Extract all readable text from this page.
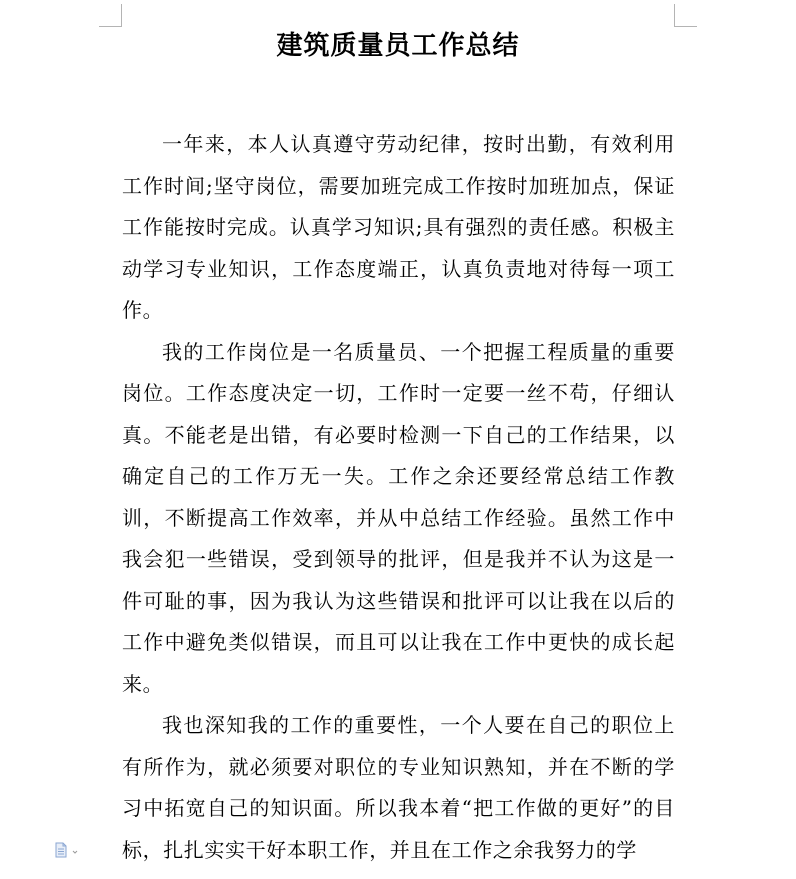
建筑质量员工作总结

一年来，本人认真遵守劳动纪律，按时出勤，有效利用工作时间;坚守岗位，需要加班完成工作按时加班加点，保证工作能按时完成。认真学习知识;具有强烈的责任感。积极主动学习专业知识，工作态度端正，认真负责地对待每一项工作。

我的工作岗位是一名质量员、一个把握工程质量的重要岗位。工作态度决定一切，工作时一定要一丝不苟，仔细认真。不能老是出错，有必要时检测一下自己的工作结果，以确定自己的工作万无一失。工作之余还要经常总结工作教训，不断提高工作效率，并从中总结工作经验。虽然工作中我会犯一些错误，受到领导的批评，但是我并不认为这是一件可耻的事，因为我认为这些错误和批评可以让我在以后的工作中避免类似错误，而且可以让我在工作中更快的成长起来。

我也深知我的工作的重要性，一个人要在自己的职位上有所作为，就必须要对职位的专业知识熟知，并在不断的学习中拓宽自己的知识面。所以我本着“把工作做的更好”的目标，扎扎实实干好本职工作，并且在工作之余我努力的学
